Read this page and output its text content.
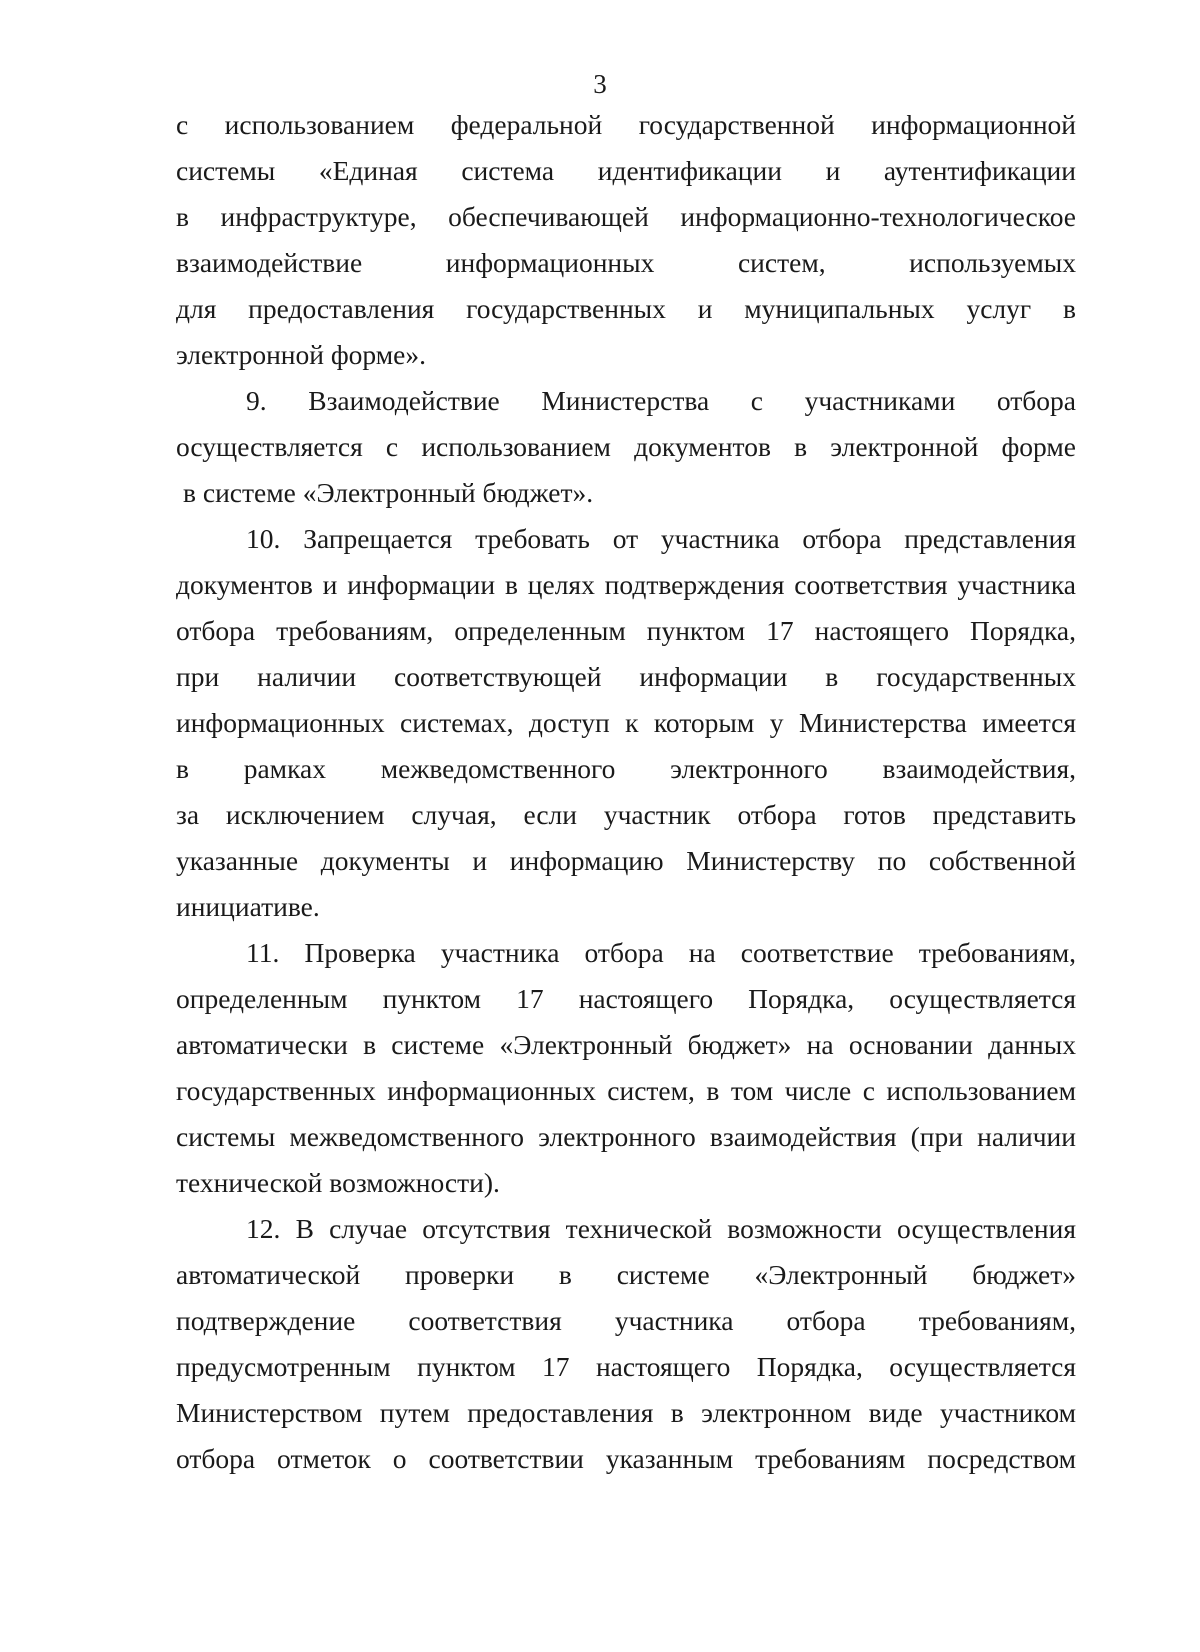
3
с использованием федеральной государственной информационной
системы «Единая система идентификации и аутентификации
в инфраструктуре, обеспечивающей информационно-технологическое
взаимодействие информационных систем, используемых
для предоставления государственных и муниципальных услуг в
электронной форме».
9. Взаимодействие Министерства с участниками отбора
осуществляется с использованием документов в электронной форме
в системе «Электронный бюджет».
10. Запрещается требовать от участника отбора представления
документов и информации в целях подтверждения соответствия участника
отбора требованиям, определенным пунктом 17 настоящего Порядка,
при наличии соответствующей информации в государственных
информационных системах, доступ к которым у Министерства имеется
в рамках межведомственного электронного взаимодействия,
за исключением случая, если участник отбора готов представить
указанные документы и информацию Министерству по собственной
инициативе.
11. Проверка участника отбора на соответствие требованиям,
определенным пунктом 17 настоящего Порядка, осуществляется
автоматически в системе «Электронный бюджет» на основании данных
государственных информационных систем, в том числе с использованием
системы межведомственного электронного взаимодействия (при наличии
технической возможности).
12. В случае отсутствия технической возможности осуществления
автоматической проверки в системе «Электронный бюджет»
подтверждение соответствия участника отбора требованиям,
предусмотренным пунктом 17 настоящего Порядка, осуществляется
Министерством путем предоставления в электронном виде участником
отбора отметок о соответствии указанным требованиям посредством
